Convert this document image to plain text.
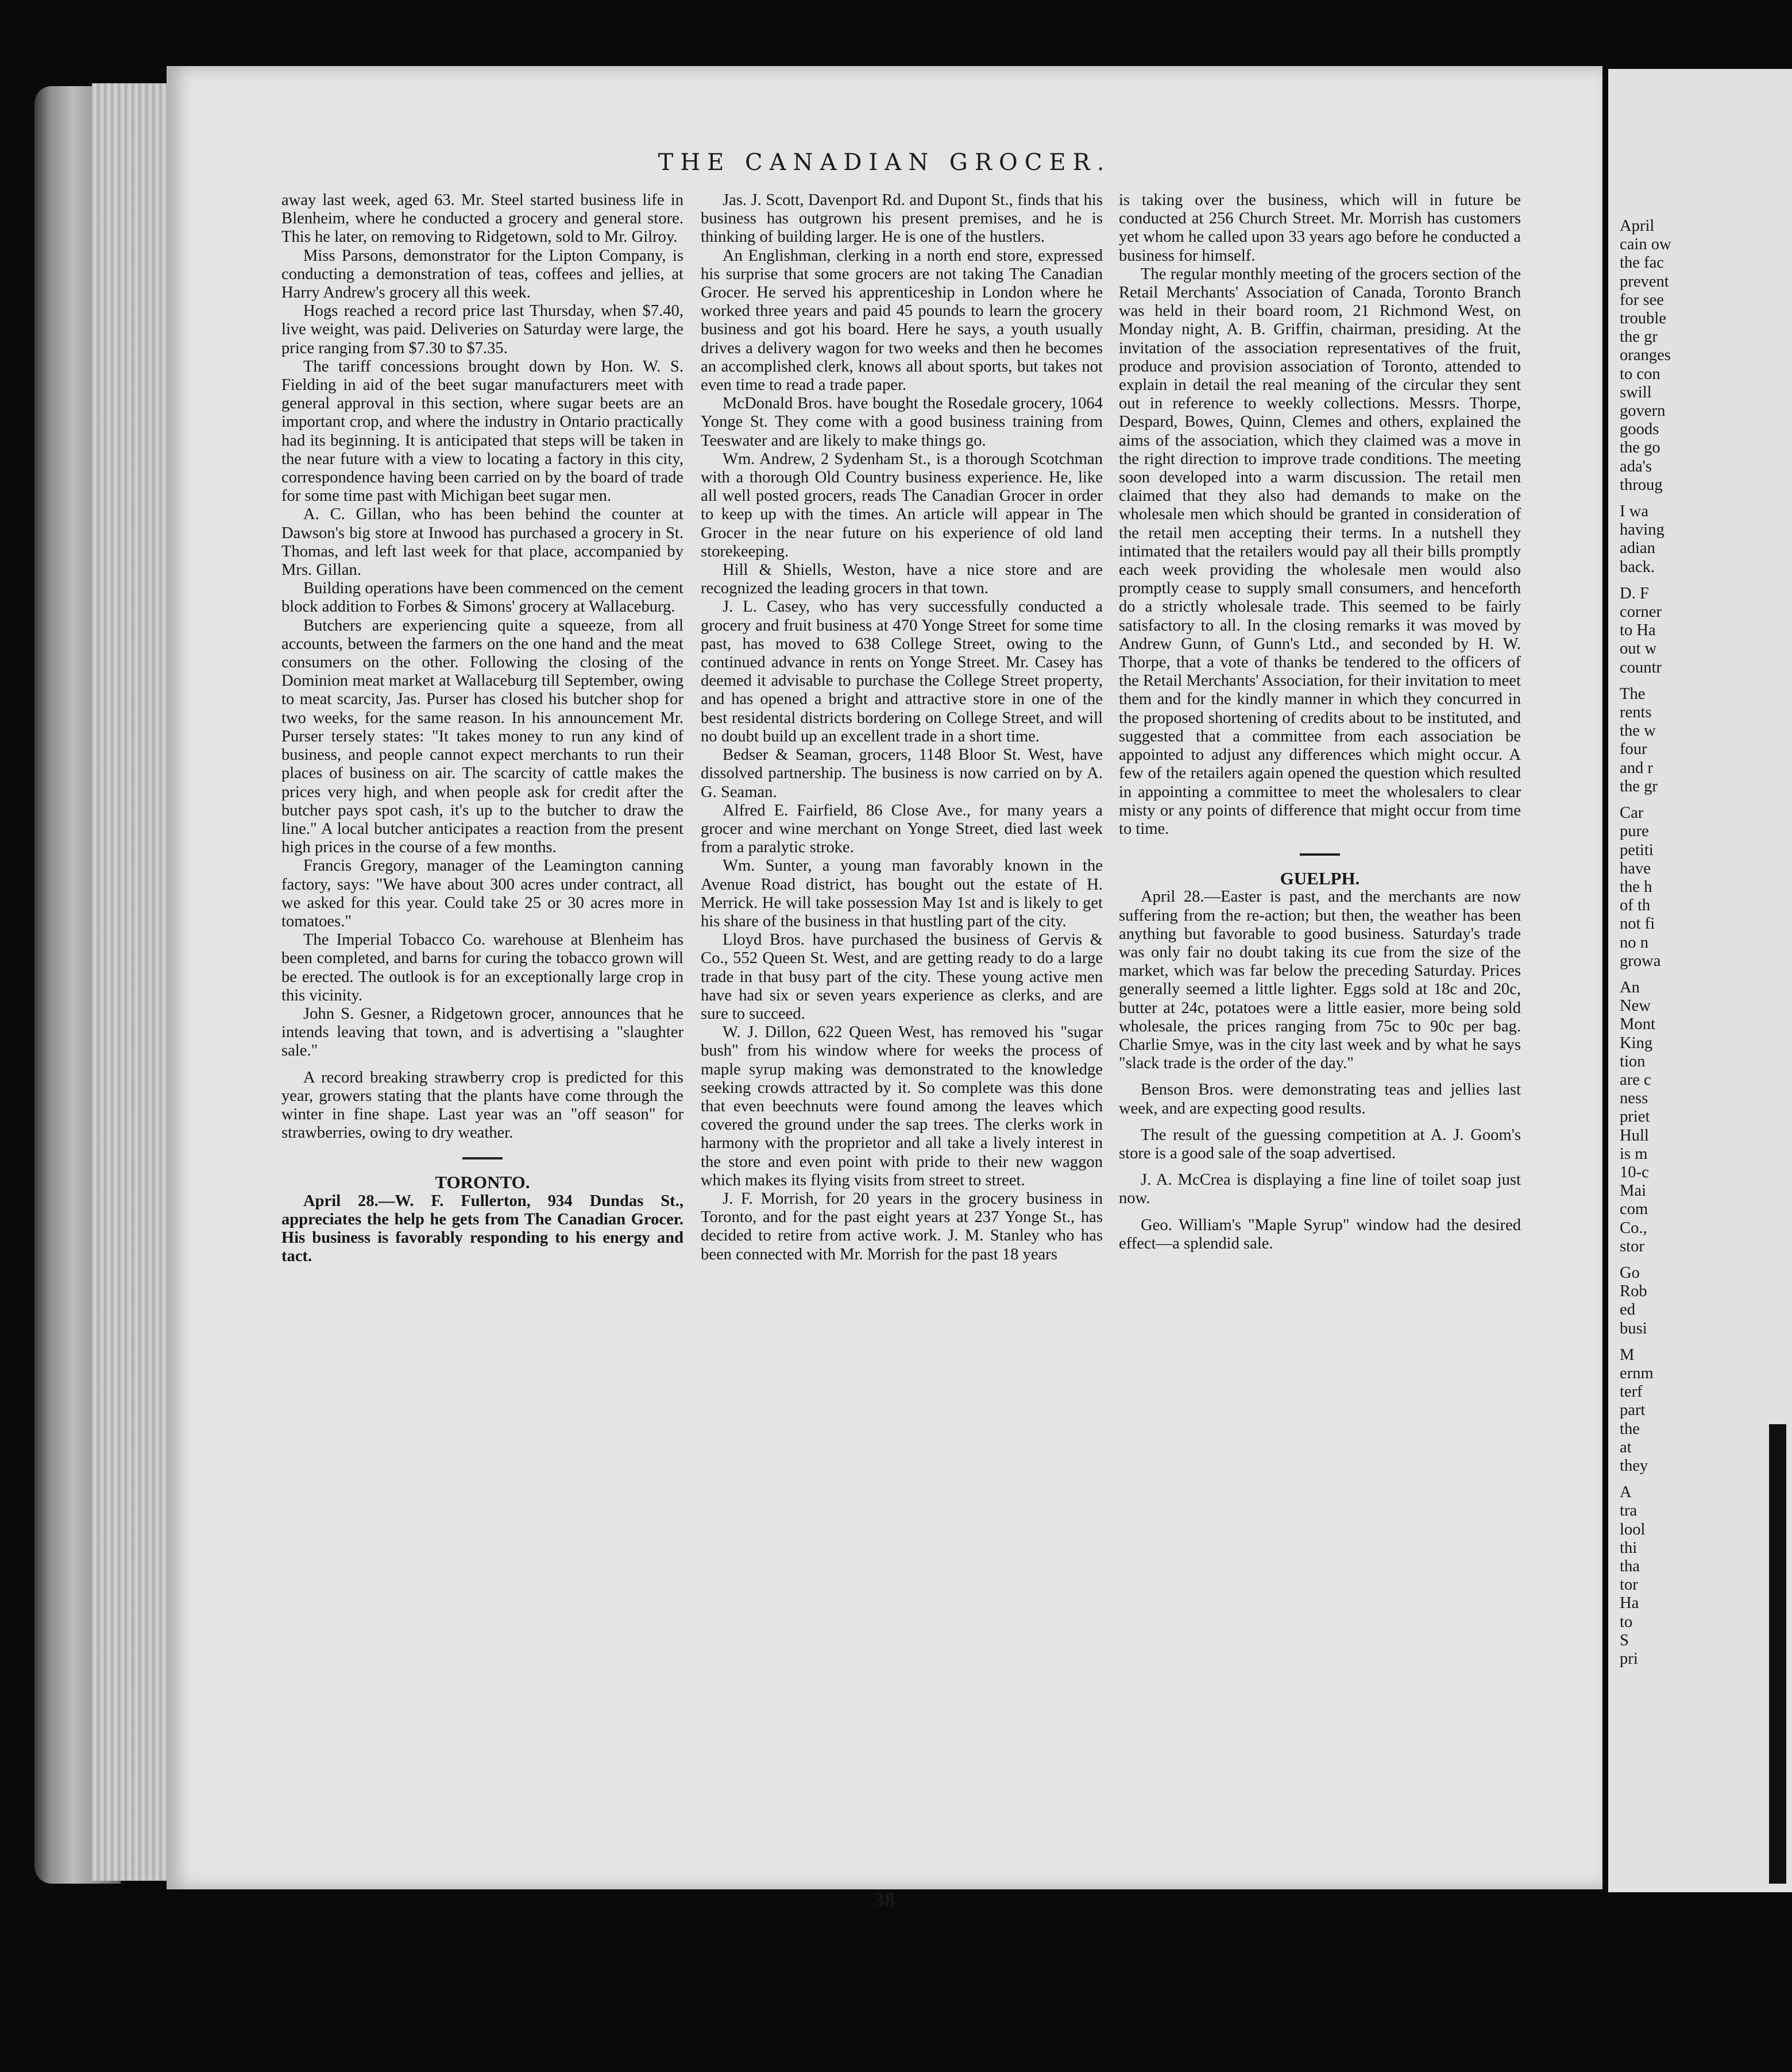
THE CANADIAN GROCER.

away last week, aged 63. Mr. Steel started business life in Blenheim, where he conducted a grocery and general store. This he later, on removing to Ridgetown, sold to Mr. Gilroy.

Miss Parsons, demonstrator for the Lipton Company, is conducting a demonstration of teas, coffees and jellies, at Harry Andrew's grocery all this week.

Hogs reached a record price last Thursday, when $7.40, live weight, was paid. Deliveries on Saturday were large, the price ranging from $7.30 to $7.35.

The tariff concessions brought down by Hon. W. S. Fielding in aid of the beet sugar manufacturers meet with general approval in this section, where sugar beets are an important crop, and where the industry in Ontario practically had its beginning. It is anticipated that steps will be taken in the near future with a view to locating a factory in this city, correspondence having been carried on by the board of trade for some time past with Michigan beet sugar men.

A. C. Gillan, who has been behind the counter at Dawson's big store at Inwood has purchased a grocery in St. Thomas, and left last week for that place, accompanied by Mrs. Gillan.

Building operations have been commenced on the cement block addition to Forbes & Simons' grocery at Wallaceburg.

Butchers are experiencing quite a squeeze, from all accounts, between the farmers on the one hand and the meat consumers on the other. Following the closing of the Dominion meat market at Wallaceburg till September, owing to meat scarcity, Jas. Purser has closed his butcher shop for two weeks, for the same reason. In his announcement Mr. Purser tersely states: "It takes money to run any kind of business, and people cannot expect merchants to run their places of business on air. The scarcity of cattle makes the prices very high, and when people ask for credit after the butcher pays spot cash, it's up to the butcher to draw the line." A local butcher anticipates a reaction from the present high prices in the course of a few months.

Francis Gregory, manager of the Leamington canning factory, says: "We have about 300 acres under contract, all we asked for this year. Could take 25 or 30 acres more in tomatoes."

The Imperial Tobacco Co. warehouse at Blenheim has been completed, and barns for curing the tobacco grown will be erected. The outlook is for an exceptionally large crop in this vicinity.

John S. Gesner, a Ridgetown grocer, announces that he intends leaving that town, and is advertising a "slaughter sale."

A record breaking strawberry crop is predicted for this year, growers stating that the plants have come through the winter in fine shape. Last year was an "off season" for strawberries, owing to dry weather.

TORONTO.

April 28.—W. F. Fullerton, 934 Dundas St., appreciates the help he gets from The Canadian Grocer. His business is favorably responding to his energy and tact.

Jas. J. Scott, Davenport Rd. and Dupont St., finds that his business has outgrown his present premises, and he is thinking of building larger. He is one of the hustlers.

An Englishman, clerking in a north end store, expressed his surprise that some grocers are not taking The Canadian Grocer. He served his apprenticeship in London where he worked three years and paid 45 pounds to learn the grocery business and got his board. Here he says, a youth usually drives a delivery wagon for two weeks and then he becomes an accomplished clerk, knows all about sports, but takes not even time to read a trade paper.

McDonald Bros. have bought the Rosedale grocery, 1064 Yonge St. They come with a good business training from Teeswater and are likely to make things go.

Wm. Andrew, 2 Sydenham St., is a thorough Scotchman with a thorough Old Country business experience. He, like all well posted grocers, reads The Canadian Grocer in order to keep up with the times. An article will appear in The Grocer in the near future on his experience of old land storekeeping.

Hill & Shiells, Weston, have a nice store and are recognized the leading grocers in that town.

J. L. Casey, who has very successfully conducted a grocery and fruit business at 470 Yonge Street for some time past, has moved to 638 College Street, owing to the continued advance in rents on Yonge Street. Mr. Casey has deemed it advisable to purchase the College Street property, and has opened a bright and attractive store in one of the best residental districts bordering on College Street, and will no doubt build up an excellent trade in a short time.

Bedser & Seaman, grocers, 1148 Bloor St. West, have dissolved partnership. The business is now carried on by A. G. Seaman.

Alfred E. Fairfield, 86 Close Ave., for many years a grocer and wine merchant on Yonge Street, died last week from a paralytic stroke.

Wm. Sunter, a young man favorably known in the Avenue Road district, has bought out the estate of H. Merrick. He will take possession May 1st and is likely to get his share of the business in that hustling part of the city.

Lloyd Bros. have purchased the business of Gervis & Co., 552 Queen St. West, and are getting ready to do a large trade in that busy part of the city. These young active men have had six or seven years experience as clerks, and are sure to succeed.

W. J. Dillon, 622 Queen West, has removed his "sugar bush" from his window where for weeks the process of maple syrup making was demonstrated to the knowledge seeking crowds attracted by it. So complete was this done that even beechnuts were found among the leaves which covered the ground under the sap trees. The clerks work in harmony with the proprietor and all take a lively interest in the store and even point with pride to their new waggon which makes its flying visits from street to street.

J. F. Morrish, for 20 years in the grocery business in Toronto, and for the past eight years at 237 Yonge St., has decided to retire from active work. J. M. Stanley who has been connected with Mr. Morrish for the past 18 years

is taking over the business, which will in future be conducted at 256 Church Street. Mr. Morrish has customers yet whom he called upon 33 years ago before he conducted a business for himself.

The regular monthly meeting of the grocers section of the Retail Merchants' Association of Canada, Toronto Branch was held in their board room, 21 Richmond West, on Monday night, A. B. Griffin, chairman, presiding. At the invitation of the association representatives of the fruit, produce and provision association of Toronto, attended to explain in detail the real meaning of the circular they sent out in reference to weekly collections. Messrs. Thorpe, Despard, Bowes, Quinn, Clemes and others, explained the aims of the association, which they claimed was a move in the right direction to improve trade conditions. The meeting soon developed into a warm discussion. The retail men claimed that they also had demands to make on the wholesale men which should be granted in consideration of the retail men accepting their terms. In a nutshell they intimated that the retailers would pay all their bills promptly each week providing the wholesale men would also promptly cease to supply small consumers, and henceforth do a strictly wholesale trade. This seemed to be fairly satisfactory to all. In the closing remarks it was moved by Andrew Gunn, of Gunn's Ltd., and seconded by H. W. Thorpe, that a vote of thanks be tendered to the officers of the Retail Merchants' Association, for their invitation to meet them and for the kindly manner in which they concurred in the proposed shortening of credits about to be instituted, and suggested that a committee from each association be appointed to adjust any differences which might occur. A few of the retailers again opened the question which resulted in appointing a committee to meet the wholesalers to clear misty or any points of difference that might occur from time to time.

GUELPH.

April 28.—Easter is past, and the merchants are now suffering from the re-action; but then, the weather has been anything but favorable to good business. Saturday's trade was only fair no doubt taking its cue from the size of the market, which was far below the preceding Saturday. Prices generally seemed a little lighter. Eggs sold at 18c and 20c, butter at 24c, potatoes were a little easier, more being sold wholesale, the prices ranging from 75c to 90c per bag. Charlie Smye, was in the city last week and by what he says "slack trade is the order of the day."

Benson Bros. were demonstrating teas and jellies last week, and are expecting good results.

The result of the guessing competition at A. J. Goom's store is a good sale of the soap advertised.

J. A. McCrea is displaying a fine line of toilet soap just now.

Geo. William's "Maple Syrup" window had the desired effect—a splendid sale.

38
April
cain ow
the fac
prevent
for see
trouble
the gr
oranges
to con
swill
govern
goods
the go
ada's
throug
I wa
having
adian
back.
D. F
corner
to Ha
out w
countr
The
rents
the w
four
and r
the gr
Car
pure
petiti
have
the h
of th
not fi
no n
growa
An
New
Mont
King
tion
are c
ness
priet
Hull
is m
10-c
Mai
com
Co.,
stor
Go
Rob
ed
busi
M
ernm
terf
part
the
at
they
A
tra
lool
thi
tha
tor
Ha
to
S
pri
